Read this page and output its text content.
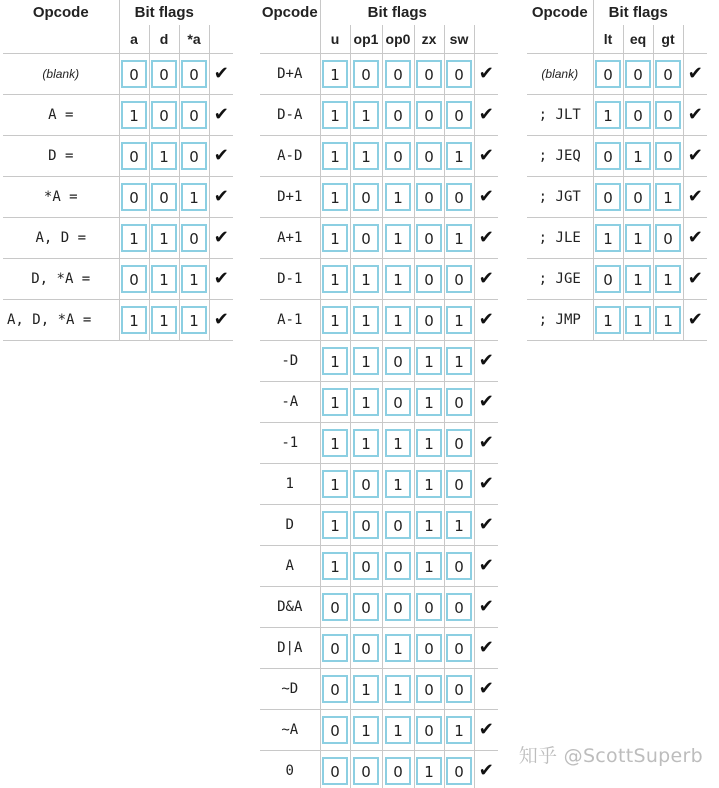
Opcode	Bit flags			
	a	d	*a	
(blank)	0	0	0	✔
A =	1	0	0	✔
D =	0	1	0	✔
*A =	0	0	1	✔
A, D =	1	1	0	✔
D, *A =	0	1	1	✔
A, D, *A =	1	1	1	✔
Opcode	Bit flags					
	u	op1	op0	zx	sw	
D+A	1	0	0	0	0	✔
D-A	1	1	0	0	0	✔
A-D	1	1	0	0	1	✔
D+1	1	0	1	0	0	✔
A+1	1	0	1	0	1	✔
D-1	1	1	1	0	0	✔
A-1	1	1	1	0	1	✔
-D	1	1	0	1	1	✔
-A	1	1	0	1	0	✔
-1	1	1	1	1	0	✔
1	1	0	1	1	0	✔
D	1	0	0	1	1	✔
A	1	0	0	1	0	✔
D&A	0	0	0	0	0	✔
D|A	0	0	1	0	0	✔
~D	0	1	1	0	0	✔
~A	0	1	1	0	1	✔
0	0	0	0	1	0	✔
Opcode	Bit flags			
	lt	eq	gt	
(blank)	0	0	0	✔
; JLT	1	0	0	✔
; JEQ	0	1	0	✔
; JGT	0	0	1	✔
; JLE	1	1	0	✔
; JGE	0	1	1	✔
; JMP	1	1	1	✔
知乎 @ScottSuperb
